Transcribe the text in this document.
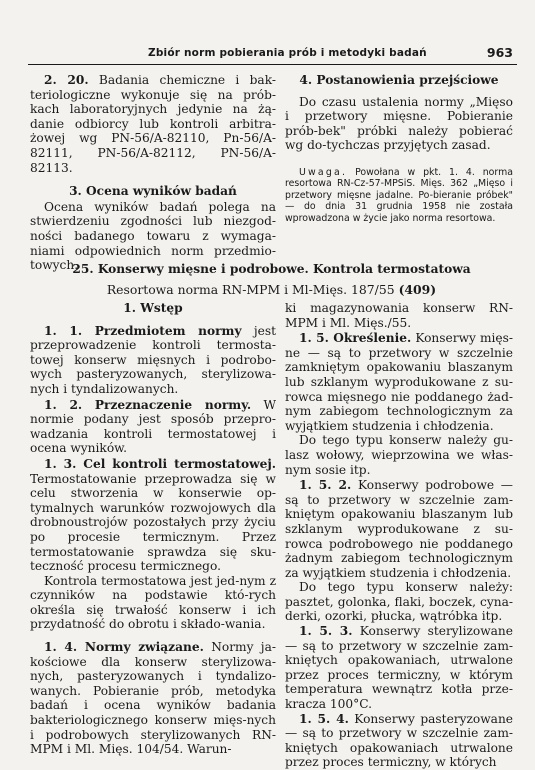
Zbiór norm pobierania prób i metodyki badań	963

2. 20. Badania chemiczne i bak- teriologiczne wykonuje się na prób-kach laboratoryjnych jedynie na żą-danie odbiorcy lub kontroli arbitra-żowej wg PN-56/A-82110, Pn-56/A-82111, PN-56/A-82112, PN-56/A-82113.

3. Ocena wyników badań

Ocena wyników badań polega na stwierdzeniu zgodności lub niezgod-ności badanego towaru z wymaga-niami odpowiednich norm przedmio-towych.

4. Postanowienia przejściowe

Do czasu ustalenia normy „Mięso i przetwory mięsne. Pobieranie prób-bek" próbki należy pobierać wg do-tychczas przyjętych zasad.

Uwaga. Powołana w pkt. 1. 4. norma resortowa RN-Cz-57-MPSiS. Mięs. 362 „Mięso i przetwory mięsne jadalne. Po-bieranie próbek" — do dnia 31 grudnia 1958 nie została wprowadzona w życie jako norma resortowa.

25. Konserwy mięsne i podrobowe. Kontrola termostatowa
Resortowa norma RN-MPM i Ml-Mięs. 187/55 (409)

1. Wstęp

1. 1. Przedmiotem normy jest przeprowadzenie kontroli termosta-towej konserw mięsnych i podrobo-wych pasteryzowanych, sterylizowa-nych i tyndalizowanych.

1. 2. Przeznaczenie normy. W normie podany jest sposób przepro-wadzania kontroli termostatowej i ocena wyników.

1. 3. Cel kontroli termostatowej. Termostatowanie przeprowadza się w celu stworzenia w konserwie op-tymalnych warunków rozwojowych dla drobnoustrojów pozostałych przy życiu po procesie termicznym. Przez termostatowanie sprawdza się sku-teczność procesu termicznego.

Kontrola termostatowa jest jed-nym z czynników na podstawie któ-rych określa się trwałość konserw i ich przydatność do obrotu i składo-wania.

1. 4. Normy związane. Normy ja-kościowe dla konserw sterylizowa-nych, pasteryzowanych i tyndalizo-wanych. Pobieranie prób, metodyka badań i ocena wyników badania bakteriologicznego konserw mięs-nych i podrobowych sterylizowanych RN-MPM i Ml. Mięs. 104/54. Warun-

ki magazynowania konserw RN-MPM i Ml. Mięs./55.

1. 5. Określenie. Konserwy mięs-ne — są to przetwory w szczelnie zamkniętym opakowaniu blaszanym lub szklanym wyprodukowane z su-rowca mięsnego nie poddanego żad-nym zabiegom technologicznym za wyjątkiem studzenia i chłodzenia.

Do tego typu konserw należy gu-lasz wołowy, wieprzowina we włas-nym sosie itp.

1. 5. 2. Konserwy podrobowe — są to przetwory w szczelnie zam-kniętym opakowaniu blaszanym lub szklanym wyprodukowane z su-rowca podrobowego nie poddanego żadnym zabiegom technologicznym za wyjątkiem studzenia i chłodzenia.

Do tego typu konserw należy: pasztet, golonka, flaki, boczek, cyna-derki, ozorki, płucka, wątróbka itp.

1. 5. 3. Konserwy sterylizowane — są to przetwory w szczelnie zam-kniętych opakowaniach, utrwalone przez proces termiczny, w którym temperatura wewnątrz kotła prze-kracza 100°C.

1. 5. 4. Konserwy pasteryzowane — są to przetwory w szczelnie zam-kniętych opakowaniach utrwalone przez proces termiczny, w których
